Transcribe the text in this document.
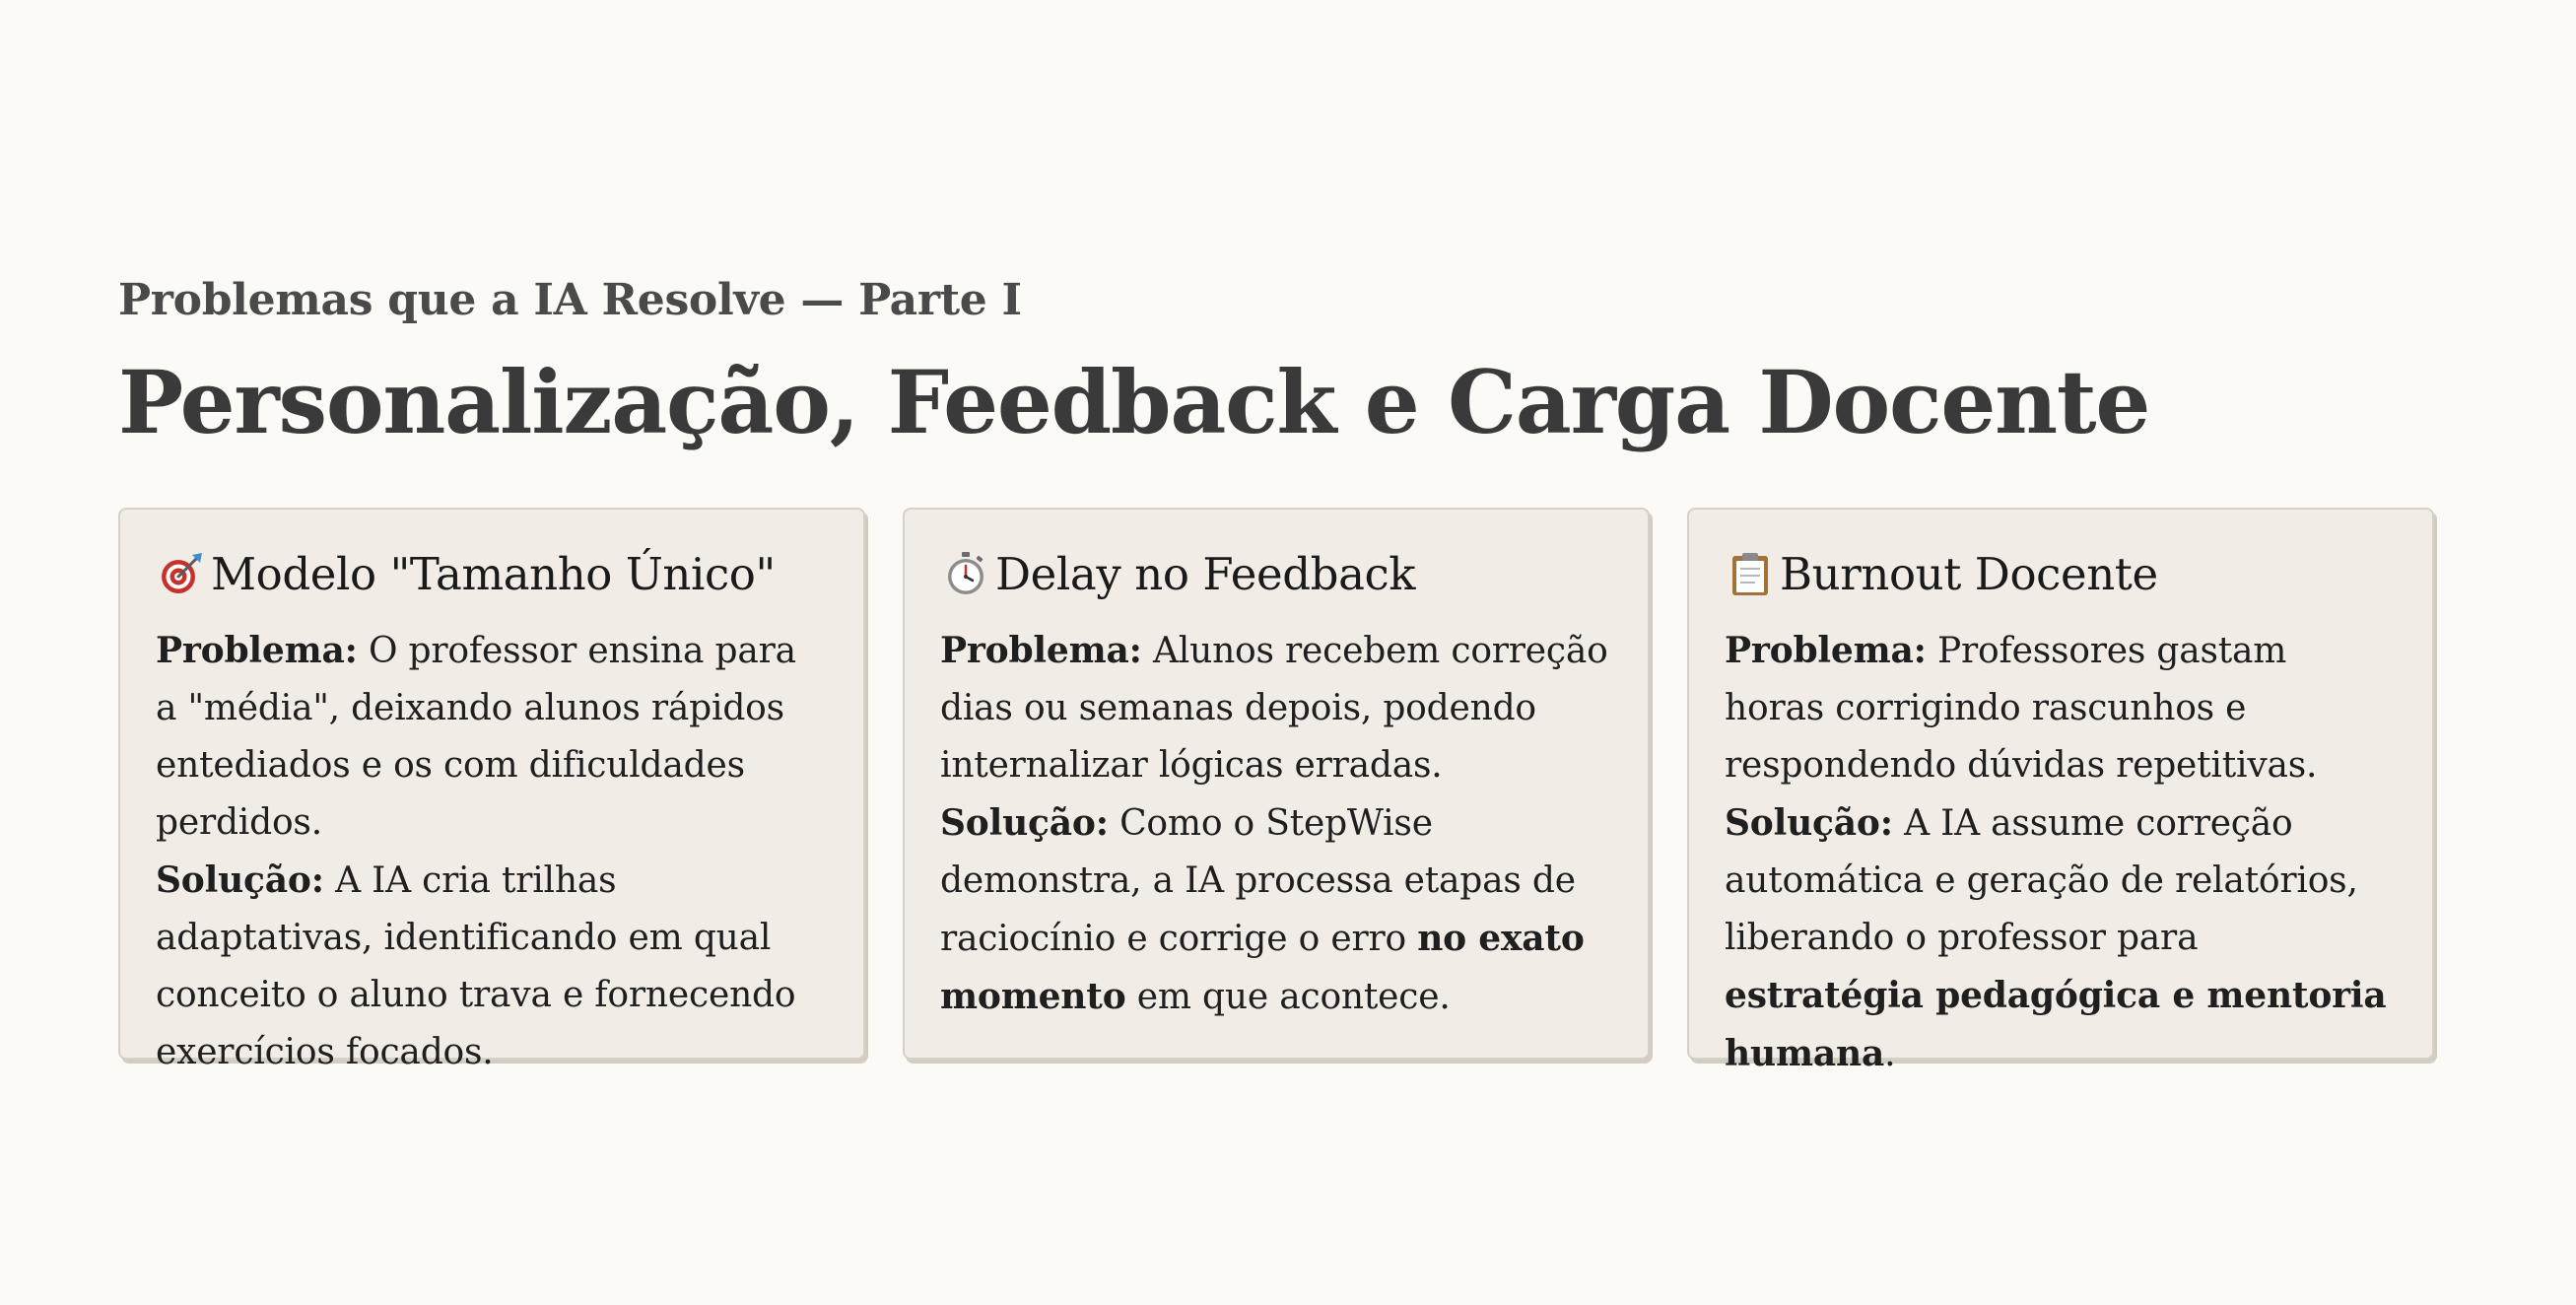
Problemas que a IA Resolve — Parte I
Personalização, Feedback e Carga Docente
Modelo "Tamanho Único"

Problema: O professor ensina para a "média", deixando alunos rápidos entediados e os com dificuldades perdidos.

Solução: A IA cria trilhas adaptativas, identificando em qual conceito o aluno trava e fornecendo exercícios focados.

Delay no Feedback

Problema: Alunos recebem correção dias ou semanas depois, podendo internalizar lógicas erradas.

Solução: Como o StepWise demonstra, a IA processa etapas de raciocínio e corrige o erro no exato momento em que acontece.

Burnout Docente

Problema: Professores gastam horas corrigindo rascunhos e respondendo dúvidas repetitivas.

Solução: A IA assume correção automática e geração de relatórios, liberando o professor para estratégia pedagógica e mentoria humana.
